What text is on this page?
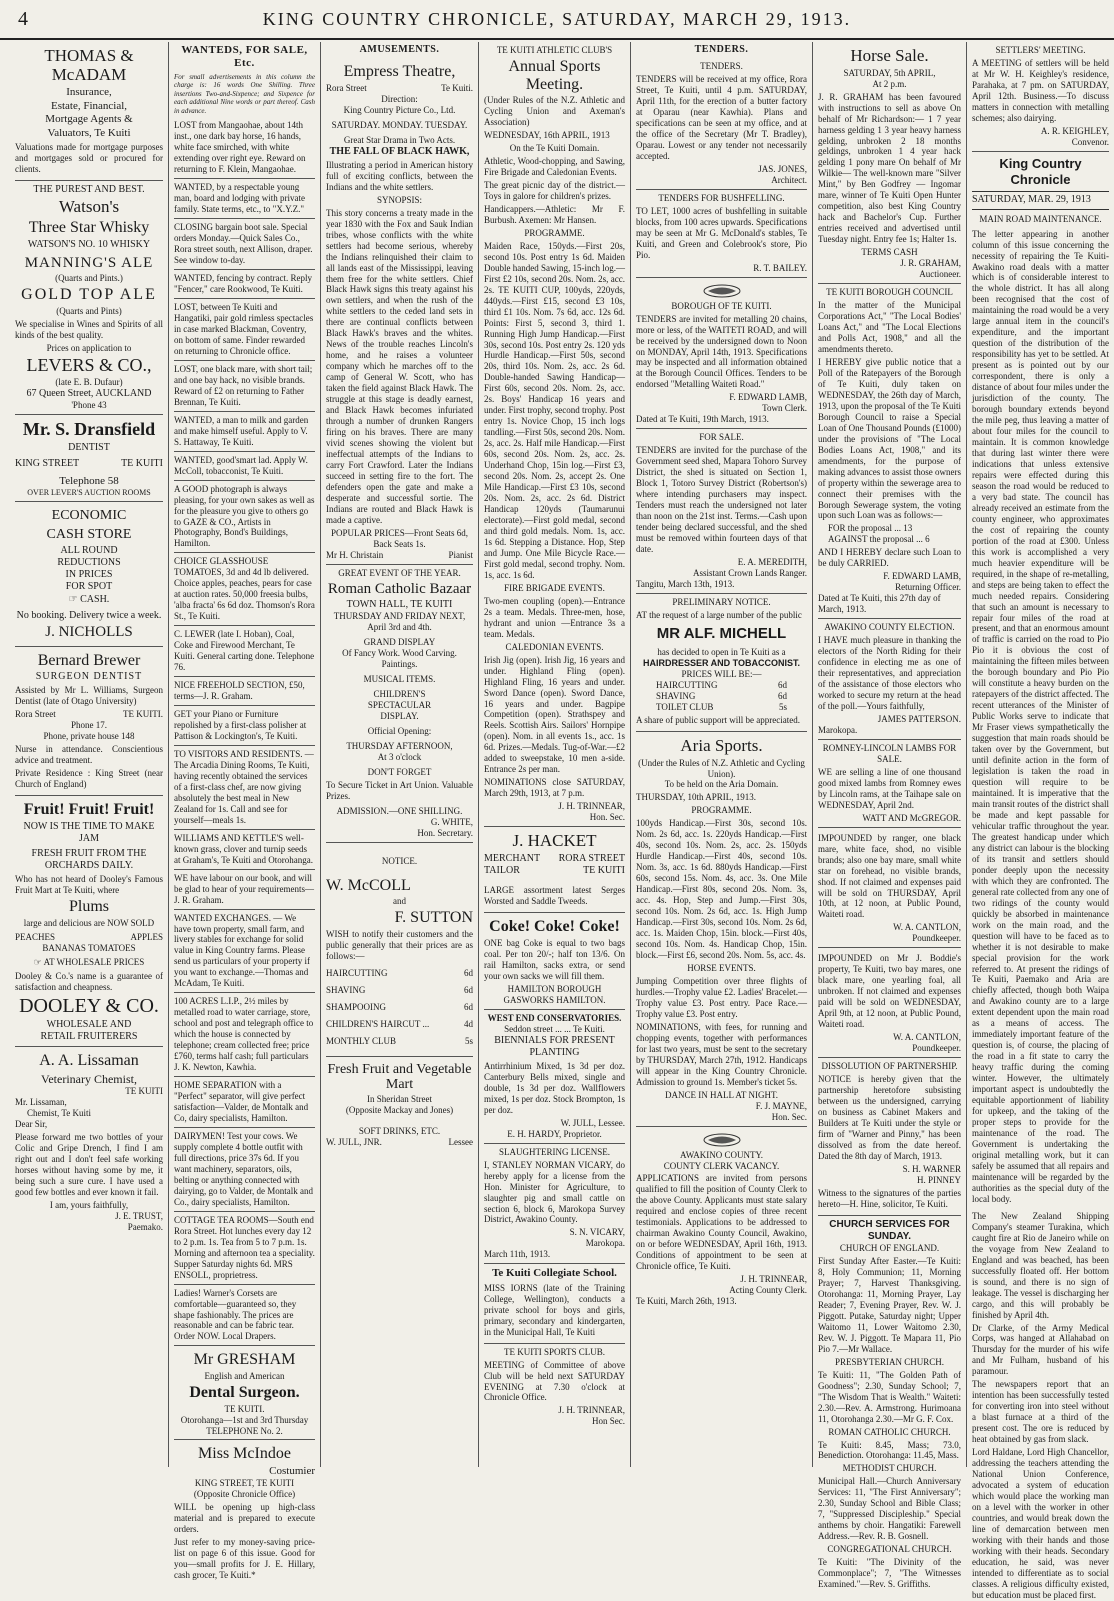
4	KING COUNTRY CHRONICLE, SATURDAY, MARCH 29, 1913.
THOMAS & McADAM
Insurance,
Estate, Financial,
Mortgage Agents &
Valuators, Te Kuiti
Valuations made for mortgage purposes and mortgages sold or procured for clients.
THE PUREST AND BEST.
Watson's
Three Star Whisky
WATSON'S NO. 10 WHISKY
MANNING'S ALE
(Quarts and Pints.)
GOLD TOP ALE
(Quarts and Pints)
We specialise in Wines and Spirits of all kinds of the best quality.
Prices on application to
LEVERS & CO.,
(late E. B. Dufaur)
67 Queen Street, AUCKLAND
'Phone 43
Mr. S. Dransfield
DENTIST
KING STREET	TE KUITI
Telephone 58
OVER LEVER'S AUCTION ROOMS
ECONOMIC
CASH STORE
ALL ROUND
REDUCTIONS
IN PRICES
FOR SPOT
☞ CASH.
No booking. Delivery twice a week.
J. NICHOLLS
Bernard Brewer
SURGEON DENTIST
Assisted by Mr L. Williams, Surgeon Dentist (late of Otago University)
Rora Street	TE KUITI.
Phone 17.
Phone, private house 148
Nurse in attendance. Conscientious advice and treatment.
Private Residence : King Street (near Church of England)
Fruit! Fruit! Fruit!
NOW IS THE TIME TO MAKE JAM
FRESH FRUIT FROM THE ORCHARDS DAILY.
Who has not heard of Dooley's Famous Fruit Mart at Te Kuiti, where
Plums
large and delicious are NOW SOLD
PEACHES	APPLES
BANANAS TOMATOES
☞ AT WHOLESALE PRICES
Dooley & Co.'s name is a guarantee of satisfaction and cheapness.
DOOLEY & CO.
WHOLESALE AND
RETAIL FRUITERERS
A. A. Lissaman
Veterinary Chemist,
TE KUITI
Mr. Lissaman,
Chemist, Te Kuiti
Dear Sir,
Please forward me two bottles of your Colic and Gripe Drench, I find I am right out and I don't feel safe working horses without having some by me, it being such a sure cure. I have used a good few bottles and ever known it fail.
I am, yours faithfully,
J. E. TRUST,
Paemako.
WANTEDS, FOR SALE, Etc.
For small advertisements in this column the charge is: 16 words One Shilling. Three insertions Two-and-Sixpence; and Sixpence for each additional Nine words or part thereof. Cash in advance.
LOST from Mangaohae, about 14th inst., one dark bay horse, 16 hands, white face smirched, with white extending over right eye. Reward on returning to F. Klein, Mangaohae.
WANTED, by a respectable young man, board and lodging with private family. State terms, etc., to "X.Y.Z."
CLOSING bargain boot sale. Special orders Monday.—Quick Sales Co., Rora street south, next Allison, draper. See window to-day.
WANTED, fencing by contract. Reply "Fencer," care Rookwood, Te Kuiti.
LOST, between Te Kuiti and Hangatiki, pair gold rimless spectacles in case marked Blackman, Coventry, on bottom of same. Finder rewarded on returning to Chronicle office.
LOST, one black mare, with short tail; and one bay hack, no visible brands. Reward of £2 on returning to Father Brennan, Te Kuiti.
WANTED, a man to milk and garden and make himself useful. Apply to V. S. Hattaway, Te Kuiti.
WANTED, good'smart lad. Apply W. McColl, tobacconist, Te Kuiti.
A GOOD photograph is always pleasing, for your own sakes as well as for the pleasure you give to others go to GAZE & CO., Artists in Photography, Bond's Buildings, Hamilton.
CHOICE GLASSHOUSE TOMATOES, 3d and 4d lb delivered. Choice apples, peaches, pears for case at auction rates. 50,000 freesia bulbs, 'alba fracta' 6s 6d doz. Thomson's Rora St., Te Kuiti.
C. LEWER (late I. Hoban), Coal, Coke and Firewood Merchant, Te Kuiti. General carting done. Telephone 76.
NICE FREEHOLD SECTION, £50, terms—J. R. Graham.
GET your Piano or Furniture repolished by a first-class polisher at Pattison & Lockington's, Te Kuiti.
TO VISITORS AND RESIDENTS. —The Arcadia Dining Rooms, Te Kuiti, having recently obtained the services of a first-class chef, are now giving absolutely the best meal in New Zealand for 1s. Call and see for yourself—meals 1s.
WILLIAMS AND KETTLE'S well-known grass, clover and turnip seeds at Graham's, Te Kuiti and Otorohanga.
WE have labour on our book, and will be glad to hear of your requirements—J. R. Graham.
WANTED EXCHANGES. — We have town property, small farm, and livery stables for exchange for solid value in King Country farms. Please send us particulars of your property if you want to exchange.—Thomas and McAdam, Te Kuiti.
100 ACRES L.I.P., 2½ miles by metalled road to water carriage, store, school and post and telegraph office to which the house is connected by telephone; cream collected free; price £760, terms half cash; full particulars J. K. Newton, Kawhia.
HOME SEPARATION with a "Perfect" separator, will give perfect satisfaction—Valder, de Montalk and Co, dairy specialists, Hamilton.
DAIRYMEN! Test your cows. We supply complete 4 bottle outfit with full directions, price 37s 6d. If you want machinery, separators, oils, belting or anything connected with dairying, go to Valder, de Montalk and Co., dairy specialists, Hamilton.
COTTAGE TEA ROOMS—South end Rora Street. Hot lunches every day 12 to 2 p.m. 1s. Tea from 5 to 7 p.m. 1s. Morning and afternoon tea a speciality. Supper Saturday nights 6d. MRS ENSOLL, proprietress.
Ladies! Warner's Corsets are comfortable—guaranteed so, they shape fashionably. The prices are reasonable and can be fabric tear. Order NOW. Local Drapers.
Mr GRESHAM
English and American
Dental Surgeon.
TE KUITI.
Otorohanga—1st and 3rd Thursday
TELEPHONE No. 2.
Miss McIndoe
Costumier
KING STREET, TE KUITI
(Opposite Chronicle Office)
WILL be opening up high-class material and is prepared to execute orders.
Just refer to my money-saving price-list on page 6 of this issue. Good for you—small profits for J. E. Hillary, cash grocer, Te Kuiti.*
AMUSEMENTS.
Empress Theatre,
Rora Street	Te Kuiti.
Direction:
King Country Picture Co., Ltd.
SATURDAY. MONDAY. TUESDAY.
Great Star Drama in Two Acts.
THE FALL OF BLACK HAWK,
Illustrating a period in American history full of exciting conflicts, between the Indians and the white settlers.
SYNOPSIS:
This story concerns a treaty made in the year 1830 with the Fox and Sauk Indian tribes, whose conflicts with the white settlers had become serious, whereby the Indians relinquished their claim to all lands east of the Mississippi, leaving them free for the white settlers. Chief Black Hawk signs this treaty against his own settlers, and when the rush of the white settlers to the ceded land sets in there are continual conflicts between Black Hawk's braves and the whites. News of the trouble reaches Lincoln's home, and he raises a volunteer company which he marches off to the camp of General W. Scott, who has taken the field against Black Hawk. The struggle at this stage is deadly earnest, and Black Hawk becomes infuriated through a number of drunken Rangers firing on his braves. There are many vivid scenes showing the violent but ineffectual attempts of the Indians to carry Fort Crawford. Later the Indians succeed in setting fire to the fort. The defenders open the gate and make a desperate and successful sortie. The Indians are routed and Black Hawk is made a captive.
POPULAR PRICES—Front Seats 6d, Back Seats 1s.
Mr H. Christain	Pianist
GREAT EVENT OF THE YEAR.
Roman Catholic Bazaar
TOWN HALL, TE KUITI
THURSDAY AND FRIDAY NEXT,
April 3rd and 4th.
GRAND DISPLAY
Of Fancy Work. Wood Carving. Paintings.
MUSICAL ITEMS.
CHILDREN'S
SPECTACULAR
DISPLAY.
Official Opening:
THURSDAY AFTERNOON,
At 3 o'clock
DON'T FORGET
To Secure Ticket in Art Union. Valuable Prizes.
ADMISSION.—ONE SHILLING.
G. WHITE,
Hon. Secretary.
NOTICE.
W. McCOLL
and
F. SUTTON
WISH to notify their customers and the public generally that their prices are as follows:—
HAIRCUTTING	6d
SHAVING	6d
SHAMPOOING	6d
CHILDREN'S HAIRCUT ...	4d
MONTHLY CLUB	5s
Fresh Fruit and Vegetable Mart
In Sheridan Street
(Opposite Mackay and Jones)
SOFT DRINKS, ETC.
W. JULL, JNR.	Lessee
TE KUITI ATHLETIC CLUB'S
Annual Sports Meeting.
(Under Rules of the N.Z. Athletic and Cycling Union and Axeman's Association)
WEDNESDAY, 16th APRIL, 1913
On the Te Kuiti Domain.
Athletic, Wood-chopping, and Sawing, Fire Brigade and Caledonian Events.
The great picnic day of the district.—Toys in galore for children's prizes.
Handicappers.—Athletic: Mr F. Burbush. Axemen: Mr Hansen.
PROGRAMME.
Maiden Race, 150yds.—First 20s, second 10s. Post entry 1s 6d. Maiden Double handed Sawing, 15-inch log.—First £2 10s, second 20s. Nom. 2s, acc. 2s. TE KUITI CUP, 100yds, 220yds, 440yds.—First £15, second £3 10s, third £1 10s. Nom. 7s 6d, acc. 12s 6d. Points: First 5, second 3, third 1. Running High Jump Handicap.—First 30s, second 10s. Post entry 2s. 120 yds Hurdle Handicap.—First 50s, second 20s, third 10s. Nom. 2s, acc. 2s 6d. Double-handed Sawing Handicap—First 60s, second 20s. Nom. 2s, acc. 2s. Boys' Handicap 16 years and under. First trophy, second trophy. Post entry 1s. Novice Chop, 15 inch logs tandling.—First 50s, second 20s. Nom. 2s, acc. 2s. Half mile Handicap.—First 60s, second 20s. Nom. 2s, acc. 2s. Underhand Chop, 15in log.—First £3, second 20s. Nom. 2s, accept 2s. One Mile Handicap.—First £3 10s, second 20s. Nom. 2s, acc. 2s 6d. District Handicap 120yds (Taumarunui electorate).—First gold medal, second and third gold medals. Nom. 1s, acc. 1s 6d. Stepping a Distance. Hop, Step and Jump. One Mile Bicycle Race.—First gold medal, second trophy. Nom. 1s, acc. 1s 6d.
FIRE BRIGADE EVENTS.
Two-men coupling (open).—Entrance 2s a team. Medals. Three-men, hose, hydrant and union —Entrance 3s a team. Medals.
CALEDONIAN EVENTS.
Irish Jig (open). Irish Jig, 16 years and under. Highland Fling (open). Highland Fling, 16 years and under. Sword Dance (open). Sword Dance, 16 years and under. Bagpipe Competition (open). Strathspey and Reels. Scottish Airs. Sailors' Hornpipe (open). Nom. in all events 1s., acc. 1s 6d. Prizes.—Medals. Tug-of-War.—£2 added to sweepstake, 10 men a-side. Entrance 2s per man.
NOMINATIONS close SATURDAY, March 29th, 1913, at 7 p.m.
J. H. TRINNEAR,
Hon. Sec.
J. HACKET
MERCHANT RORA STREET
TAILOR	TE KUITI
LARGE assortment latest Serges Worsted and Saddle Tweeds.
Coke! Coke! Coke!
ONE bag Coke is equal to two bags coal. Per ton 20/-; half ton 13/6. On rail Hamilton, sacks extra, or send your own sacks we will fill them.
HAMILTON BOROUGH GASWORKS HAMILTON.
WEST END CONSERVATORIES.
Seddon street ... ... Te Kuiti.
BIENNIALS FOR PRESENT PLANTING
Antirrhinium Mixed, 1s 3d per doz. Canterbury Bells mixed, single and double, 1s 3d per doz. Wallflowers mixed, 1s per doz. Stock Brompton, 1s per doz.
W. JULL, Lessee.
E. H. HARDY, Proprietor.
SLAUGHTERING LICENSE.
I, STANLEY NORMAN VICARY, do hereby apply for a license from the Hon. Minister for Agriculture, to slaughter pig and small cattle on section 6, block 6, Marokopa Survey District, Awakino County.
S. N. VICARY,
Marokopa.
March 11th, 1913.
Te Kuiti Collegiate School.
MISS IORNS (late of the Training College, Wellington), conducts a private school for boys and girls, primary, secondary and kindergarten, in the Municipal Hall, Te Kuiti
TE KUITI SPORTS CLUB.
MEETING of Committee of above Club will be held next SATURDAY EVENING at 7.30 o'clock at Chronicle Office.
J. H. TRINNEAR,
Hon Sec.
TENDERS.
TENDERS.
TENDERS will be received at my office, Rora Street, Te Kuiti, until 4 p.m. SATURDAY, April 11th, for the erection of a butter factory at Oparau (near Kawhia). Plans and specifications can be seen at my office, and at the office of the Secretary (Mr T. Bradley), Oparau. Lowest or any tender not necessarily accepted.
JAS. JONES,
Architect.
TENDERS FOR BUSHFELLING.
TO LET, 1000 acres of bushfelling in suitable blocks, from 100 acres upwards. Specifications may be seen at Mr G. McDonald's stables, Te Kuiti, and Green and Colebrook's store, Pio Pio.
R. T. BAILEY.
BOROUGH OF TE KUITI.
TENDERS are invited for metalling 20 chains, more or less, of the WAITETI ROAD, and will be received by the undersigned down to Noon on MONDAY, April 14th, 1913. Specifications may be inspected and all information obtained at the Borough Council Offices. Tenders to be endorsed "Metalling Waiteti Road."
F. EDWARD LAMB,
Town Clerk.
Dated at Te Kuiti, 19th March, 1913.
FOR SALE.
TENDERS are invited for the purchase of the Government seed shed, Mapara Tohoro Survey District, the shed is situated on Section 1, Block 1, Totoro Survey District (Robertson's) where intending purchasers may inspect. Tenders must reach the undersigned not later than noon on the 21st inst. Terms.—Cash upon tender being declared successful, and the shed must be removed within fourteen days of that date.
E. A. MEREDITH,
Assistant Crown Lands Ranger.
Tangitu, March 13th, 1913.
PRELIMINARY NOTICE.
AT the request of a large number of the public
MR ALF. MICHELL
has decided to open in Te Kuiti as a
HAIRDRESSER AND TOBACCONIST.
PRICES WILL BE:—
HAIRCUTTING	6d
SHAVING	6d
TOILET CLUB	5s
A share of public support will be appreciated.
Aria Sports.
(Under the Rules of N.Z. Athletic and Cycling Union).
To be held on the Aria Domain.
THURSDAY, 10th APRIL, 1913.
PROGRAMME.
100yds Handicap.—First 30s, second 10s. Nom. 2s 6d, acc. 1s. 220yds Handicap.—First 40s, second 10s. Nom. 2s, acc. 2s. 150yds Hurdle Handicap.—First 40s, second 10s. Nom. 3s, acc. 1s 6d. 880yds Handicap.—First 60s, second 15s. Nom. 4s, acc. 3s. One Mile Handicap.—First 80s, second 20s. Nom. 3s, acc. 4s. Hop, Step and Jump.—First 30s, second 10s. Nom. 2s 6d, acc. 1s. High Jump Handicap.—First 30s, second 10s. Nom. 2s 6d, acc. 1s. Maiden Chop, 15in. block.—First 40s, second 10s. Nom. 4s. Handicap Chop, 15in. block.—First £6, second 20s. Nom. 5s, acc. 4s.
HORSE EVENTS.
Jumping Competition over three flights of hurdles.—Trophy value £2. Ladies' Bracelet.—Trophy value £3. Post entry. Pace Race.—Trophy value £3. Post entry.
NOMINATIONS, with fees, for running and chopping events, together with performances for last two years, must be sent to the secretary by THURSDAY, March 27th, 1912. Handicaps will appear in the King Country Chronicle. Admission to ground 1s. Member's ticket 5s.
DANCE IN HALL AT NIGHT.
F. J. MAYNE,
Hon. Sec.
AWAKINO COUNTY.
COUNTY CLERK VACANCY.
APPLICATIONS are invited from persons qualified to fill the position of County Clerk to the above County. Applicants must state salary required and enclose copies of three recent testimonials. Applications to be addressed to chairman Awakino County Council, Awakino, on or before WEDNESDAY, April 16th, 1913. Conditions of appointment to be seen at Chronicle office, Te Kuiti.
J. H. TRINNEAR,
Acting County Clerk.
Te Kuiti, March 26th, 1913.
Horse Sale.
SATURDAY, 5th APRIL,
At 2 p.m.
J. R. GRAHAM has been favoured with instructions to sell as above On behalf of Mr Richardson:— 1 7 year harness gelding 1 3 year heavy harness gelding, unbroken 2 18 months geldings, unbroken 1 4 year hack gelding 1 pony mare On behalf of Mr Wilkie— The well-known mare "Silver Mint," by Ben Godfrey — Ingomar mare, winner of Te Kuiti Open Hunter competition, also best King Country hack and Bachelor's Cup. Further entries received and advertised until Tuesday night. Entry fee 1s; Halter 1s.
TERMS CASH
J. R. GRAHAM,
Auctioneer.
TE KUITI BOROUGH COUNCIL
In the matter of the Municipal Corporations Act," "The Local Bodies' Loans Act," and "The Local Elections and Polls Act, 1908," and all the amendments thereto.
I HEREBY give public notice that a Poll of the Ratepayers of the Borough of Te Kuiti, duly taken on WEDNESDAY, the 26th day of March, 1913, upon the proposal of the Te Kuiti Borough Council to raise a Special Loan of One Thousand Pounds (£1000) under the provisions of "The Local Bodies Loans Act, 1908," and its amendments, for the purpose of making advances to assist those owners of property within the sewerage area to connect their premises with the Borough Sewerage system, the voting upon such Loan was as follows:—
FOR the proposal ... 13
AGAINST the proposal ... 6
AND I HEREBY declare such Loan to be duly CARRIED.
F. EDWARD LAMB,
Returning Officer.
Dated at Te Kuiti, this 27th day of March, 1913.
AWAKINO COUNTY ELECTION.
I HAVE much pleasure in thanking the electors of the North Riding for their confidence in electing me as one of their representatives, and appreciation of the assistance of those electors who worked to secure my return at the head of the poll.—Yours faithfully,
JAMES PATTERSON.
Marokopa.
ROMNEY-LINCOLN LAMBS FOR SALE.
WE are selling a line of one thousand good mixed lambs from Romney ewes by Lincoln rams, at the Taihape sale on WEDNESDAY, April 2nd.
WATT AND McGREGOR.
IMPOUNDED by ranger, one black mare, white face, shod, no visible brands; also one bay mare, small white star on forehead, no visible brands, shod. If not claimed and expenses paid will be sold on THURSDAY, April 10th, at 12 noon, at Public Pound, Waiteti road.
W. A. CANTLON,
Poundkeeper.
IMPOUNDED on Mr J. Boddie's property, Te Kuiti, two bay mares, one black mare, one yearling foal, all unbroken. If not claimed and expenses paid will be sold on WEDNESDAY, April 9th, at 12 noon, at Public Pound, Waiteti road.
W. A. CANTLON,
Poundkeeper.
DISSOLUTION OF PARTNERSHIP.
NOTICE is hereby given that the partnership heretofore subsisting between us the undersigned, carrying on business as Cabinet Makers and Builders at Te Kuiti under the style or firm of "Warner and Pinny," has been dissolved as from the date hereof. Dated the 8th day of March, 1913.
S. H. WARNER
H. PINNEY
Witness to the signatures of the parties hereto—H. Hine, solicitor, Te Kuiti.
CHURCH SERVICES FOR SUNDAY.
CHURCH OF ENGLAND.
First Sunday After Easter.—Te Kuiti: 8, Holy Communion; 11, Morning Prayer; 7, Harvest Thanksgiving. Otorohanga: 11, Morning Prayer, Lay Reader; 7, Evening Prayer, Rev. W. J. Piggott. Putake, Saturday night; Upper Waitomo 11, Lower Waitomo 2.30, Rev. W. J. Piggott. Te Mapara 11, Pio Pio 7.—Mr Wallace.
PRESBYTERIAN CHURCH.
Te Kuiti: 11, "The Golden Path of Goodness"; 2.30, Sunday School; 7, "The Wisdom That is Wealth." Waiteti: 2.30.—Rev. A. Armstrong. Hurimoana 11, Otorohanga 2.30.—Mr G. F. Cox.
ROMAN CATHOLIC CHURCH.
Te Kuiti: 8.45, Mass; 73.0, Benediction. Otorohanga: 11.45, Mass.
METHODIST CHURCH.
Municipal Hall.—Church Anniversary Services: 11, "The First Anniversary"; 2.30, Sunday School and Bible Class; 7, "Suppressed Discipleship." Special anthems by choir. Hangatiki: Farewell Address.—Rev. R. B. Gosnell.
CONGREGATIONAL CHURCH.
Te Kuiti: "The Divinity of the Commonplace"; 7, "The Witnesses Examined."—Rev. S. Griffiths.
SETTLERS' MEETING.
A MEETING of settlers will be held at Mr W. H. Keighley's residence, Parahaka, at 7 pm. on SATURDAY, April 12th. Business.—To discuss matters in connection with metalling schemes; also dairying.
A. R. KEIGHLEY,
Convenor.
King Country Chronicle
SATURDAY, MAR. 29, 1913
MAIN ROAD MAINTENANCE.
The letter appearing in another column of this issue concerning the necessity of repairing the Te Kuiti-Awakino road deals with a matter which is of considerable interest to the whole district. It has all along been recognised that the cost of maintaining the road would be a very large annual item in the council's expenditure, and the important question of the distribution of the responsibility has yet to be settled. At present as is pointed out by our correspondent, there is only a distance of about four miles under the jurisdiction of the county. The borough boundary extends beyond the mile peg, thus leaving a matter of about four miles for the council to maintain. It is common knowledge that during last winter there were indications that unless extensive repairs were effected during this season the road would be reduced to a very bad state. The council has already received an estimate from the county engineer, who approximates the cost of repairing the county portion of the road at £300. Unless this work is accomplished a very much heavier expenditure will be required, in the shape of re-metalling, and steps are being taken to effect the much needed repairs. Considering that such an amount is necessary to repair four miles of the road at present, and that an enormous amount of traffic is carried on the road to Pio Pio it is obvious the cost of maintaining the fifteen miles between the borough boundary and Pio Pio will constitute a heavy burden on the ratepayers of the district affected. The recent utterances of the Minister of Public Works serve to indicate that Mr Fraser views sympathetically the suggestion that main roads should be taken over by the Government, but until definite action in the form of legislation is taken the road in question will require to be maintained. It is imperative that the main transit routes of the district shall be made and kept passable for vehicular traffic throughout the year. The greatest handicap under which any district can labour is the blocking of its transit and settlers should ponder deeply upon the necessity with which they are confronted. The general rate collected from any one of two ridings of the county would quickly be absorbed in maintenance work on the main road, and the question will have to be faced as to whether it is not desirable to make special provision for the work referred to. At present the ridings of Te Kuiti, Paemako and Aria are chiefly affected, though both Waipa and Awakino county are to a large extent dependent upon the main road as a means of access. The immediately important feature of the question is, of course, the placing of the road in a fit state to carry the heavy traffic during the coming winter. However, the ultimately important aspect is undoubtedly the equitable apportionment of liability for upkeep, and the taking of the proper steps to provide for the maintenance of the road. The Government is undertaking the original metalling work, but it can safely be assumed that all repairs and maintenance will be regarded by the authorities as the special duty of the local body.
The New Zealand Shipping Company's steamer Turakina, which caught fire at Rio de Janeiro while on the voyage from New Zealand to England and was beached, has been successfully floated off. Her bottom is sound, and there is no sign of leakage. The vessel is discharging her cargo, and this will probably be finished by April 4th.
Dr Clarke, of the Army Medical Corps, was hanged at Allahabad on Thursday for the murder of his wife and Mr Fulham, husband of his paramour.
The newspapers report that an intention has been successfully tested for converting iron into steel without a blast furnace at a third of the present cost. The ore is reduced by heat obtained by gas from slack.
Lord Haldane, Lord High Chancellor, addressing the teachers attending the National Union Conference, advocated a system of education which would place the working man on a level with the worker in other countries, and would break down the line of demarcation between men working with their hands and those working with their heads. Secondary education, he said, was never intended to differentiate as to social classes. A religious difficulty existed, but education must be placed first.
